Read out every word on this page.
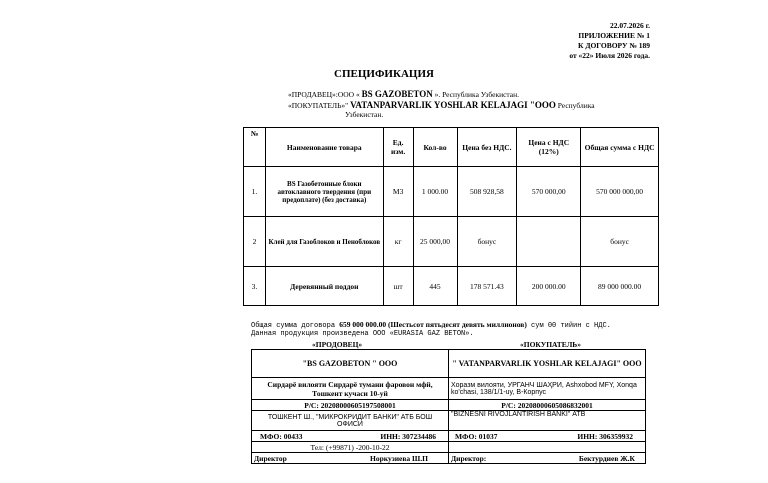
22.07.2026 г.
ПРИЛОЖЕНИЕ № 1
К ДОГОВОРУ № 189
от «22» Июля 2026 года.
СПЕЦИФИКАЦИЯ
«ПРОДАВЕЦ»:ООО « BS GAZOBETON ». Республика Узбекистан.
«ПОКУПАТЕЛЬ»" VATANPARVARLIK YOSHLAR KELAJAGI "ООО Республика
Узбекистан.
№	Наименование товара	Ед. изм.	Кол-во	Цена без НДС.	Цена с НДС (12%)	Общая сумма с НДС
1.	BS Газобетонные блоки автоклавного твердения (при предоплате) (без доставка)	М3	1 000.00	508 928,58	570 000,00	570 000 000,00
2	Клей для Газоблоков и Пеноблоков	кг	25 000,00	бонус		бонус
3.	Деревянный поддон	шт	445	178 571.43	200 000.00	89 000 000.00
Общая сумма договора 659 000 000.00 (Шестьсот пятьдесят девять миллионов) сум 00 тийин с НДС.
Данная продукция произведена ООО «EURASIA GAZ BETON».
«ПРОДОВЕЦ»	«ПОКУПАТЕЛЬ»
"BS GAZOBETON " ООО	" VATANPARVARLIK YOSHLAR KELAJAGI" ООО
Сирдарё вилояти Сирдарё тумани фаровон мфй, Тошкент кучаси 10-уй	Хоразм вилояти, УРГАНЧ ШАҲРИ, Ashxobod MFY, Xonqa ko'chasi, 138/1/1-uy, В-Корпус
Р/С: 20208000605197508001	Р/С: 20208000605086832001
ТОШКЕНТ Ш., "МИКРОКРИДИТ БАНКИ" АТБ БОШ ОФИСИ	"BIZNESNI RIVOJLANTIRISH BANKI" АТВ
МФО: 00433 ИНН: 307234486	МФО: 01037 ИНН: 306359932

Тел: (+99871) -200-10-22	
Директор Норкузиева Ш.П	Директор: Бектурдиев Ж.К
